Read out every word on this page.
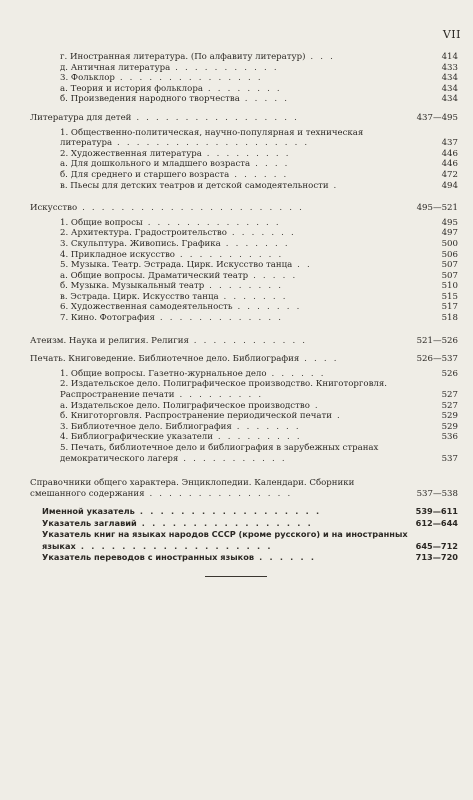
VII
г. Иностранная литература. (По алфавиту литератур) . . .	414
д. Античная литература . . . . . . . . . . .	433
3. Фольклор . . . . . . . . . . . . . . .	434
а. Теория и история фольклора . . . . . . . .	434
б. Произведения народного творчества . . . . .	434
Литература для детей . . . . . . . . . . . . . . . . .	437—495
1. Общественно-политическая, научно-популярная и техническая литература . . . . . . . . . . . . . . . . . . . .	437
2. Художественная литература . . . . . . . . .	446
а. Для дошкольного и младшего возраста . . . .	446
б. Для среднего и старшего возраста . . . . . .	472
в. Пьесы для детских театров и детской самодеятельности .	494
Искусство . . . . . . . . . . . . . . . . . . . . . . .	495—521
1. Общие вопросы . . . . . . . . . . . . . .	495
2. Архитектура. Градостроительство . . . . . . .	497
3. Скульптура. Живопись. Графика . . . . . . .	500
4. Прикладное искусство . . . . . . . . . . .	506
5. Музыка. Театр. Эстрада. Цирк. Искусство танца . .	507
а. Общие вопросы. Драматический театр . . . . .	507
б. Музыка. Музыкальный театр . . . . . . . .	510
в. Эстрада. Цирк. Искусство танца . . . . . . .	515
6. Художественная самодеятельность . . . . . . .	517
7. Кино. Фотография . . . . . . . . . . . . .	518
Атеизм. Наука и религия. Религия . . . . . . . . . . . .	521—526
Печать. Книговедение. Библиотечное дело. Библиография . . . .	526—537
1. Общие вопросы. Газетно-журнальное дело . . . . . .	526
2. Издательское дело. Полиграфическое производство. Книготорговля. Распространение печати . . . . . . . . .	527
а. Издательское дело. Полиграфическое производство .	527
б. Книготорговля. Распространение периодической печати .	529
3. Библиотечное дело. Библиография . . . . . . .	529
4. Библиографические указатели . . . . . . . . .	536
5. Печать, библиотечное дело и библиография в зарубежных странах демократического лагеря . . . . . . . . . . .	537
Справочники общего характера. Энциклопедии. Календари. Сборники смешанного содержания . . . . . . . . . . . . . . .	537—538
Именной указатель . . . . . . . . . . . . . . . . . .	539—611
Указатель заглавий . . . . . . . . . . . . . . . . .	612—644
Указатель книг на языках народов СССР (кроме русского) и на иностранных языках . . . . . . . . . . . . . . . . . . .	645—712
Указатель переводов с иностранных языков . . . . . .	713—720
